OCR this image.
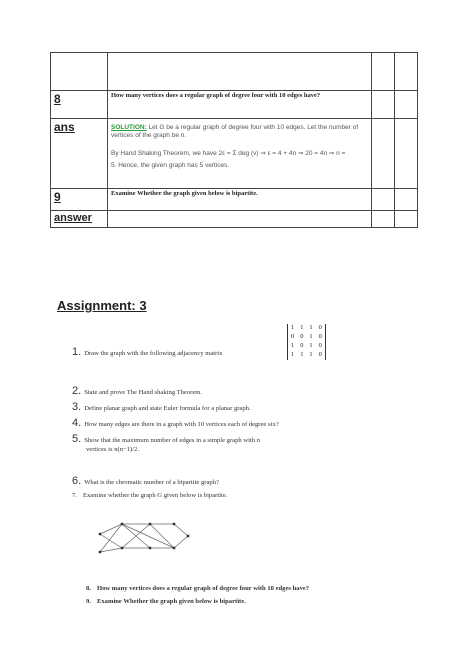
8	How many vertices does a regular graph of degree four with 10 edges have?		
ans	SOLUTION: Let G be a regular graph of degree four with 10 edges. Let the number of vertices of the graph be n.
By Hand Shaking Theorem, we have 2ε = Σ deg (v) ⇒ ε = 4 + 4n ⇒ 20 = 4n ⇒ n =
5. Hence, the given graph has 5 vertices.		

9	Examine Whether the graph given below is bipartite.		
answer			
Assignment: 3
1. Draw the graph with the following adjacency matrix
1	1	1	0
0	0	1	0
1	0	1	0
1	1	1	0
2. State and prove The Hand shaking Theorem.
3. Define planar graph and state Euler formula for a planar graph.
4. How many edges are there in a graph with 10 vertices each of degree six?
5. Show that the maximum number of edges in a simple graph with n
vertices is n(n−1)/2.
6. What is the chromatic number of a bipartite graph?
7. Examine whether the graph G given below is bipartite.
8. How many vertices does a regular graph of degree four with 10 edges have?
9. Examine Whether the graph given below is bipartite.
